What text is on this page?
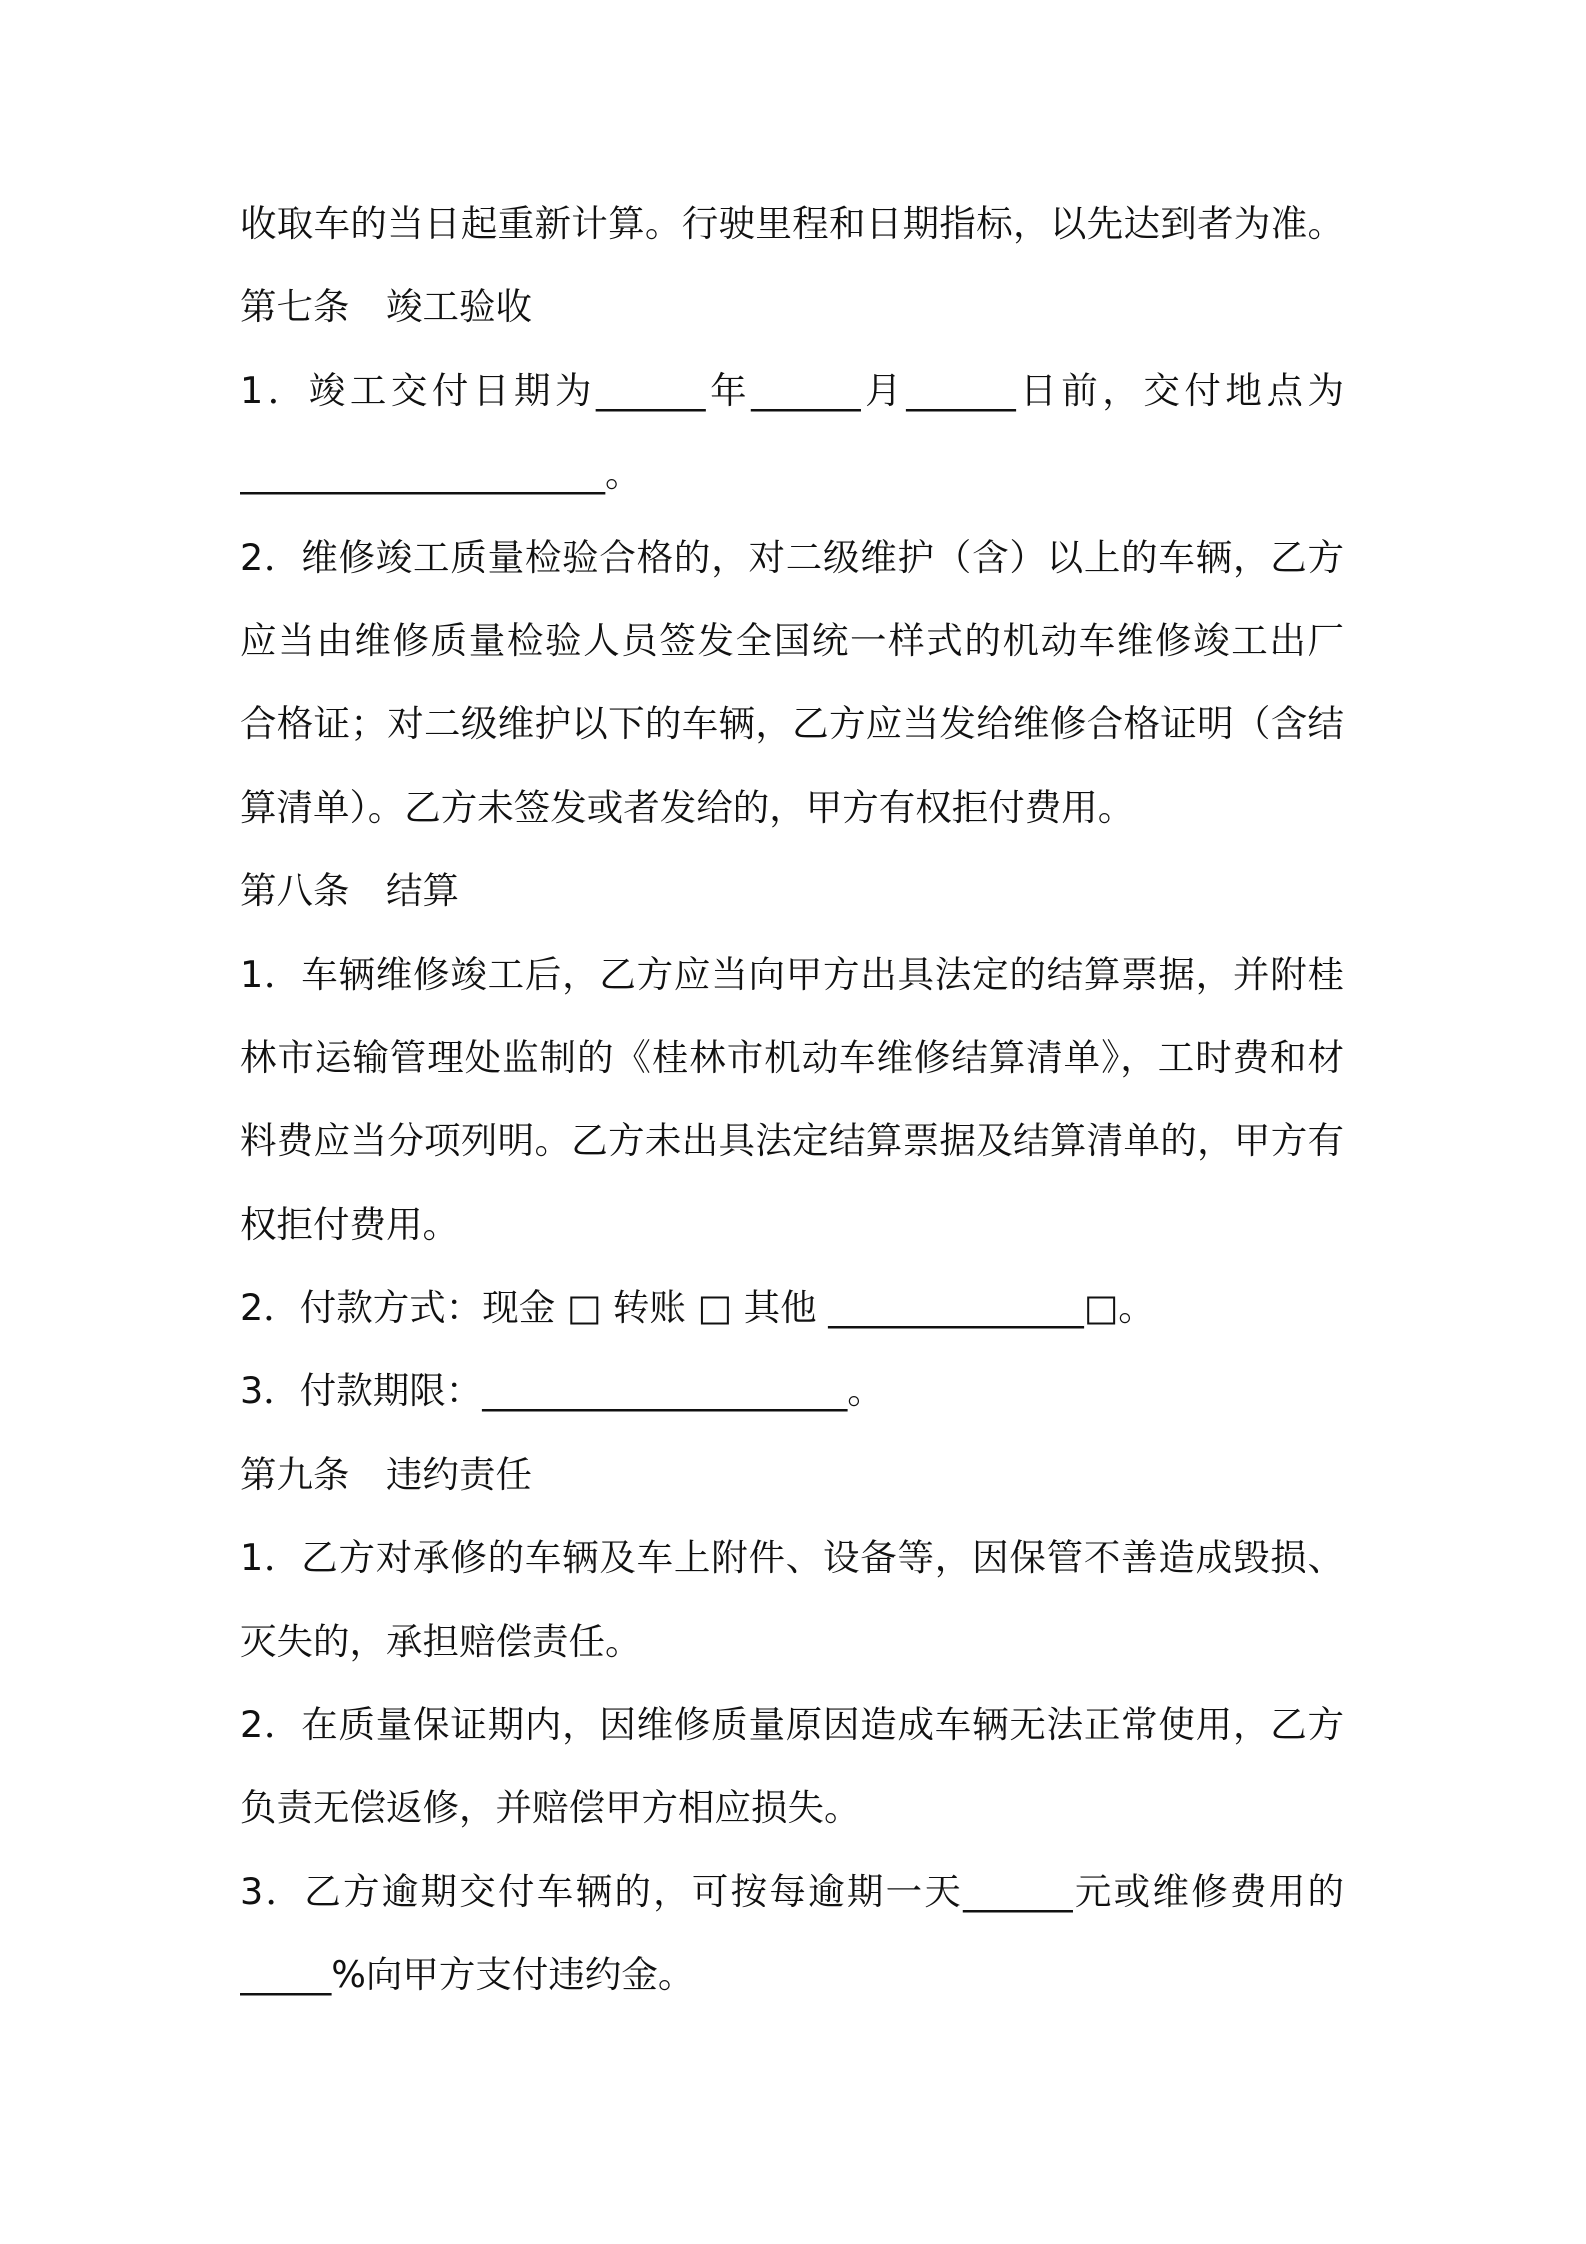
收取车的当日起重新计算。行驶里程和日期指标，以先达到者为准。
第七条　竣工验收
1．竣工交付日期为______年______月______日前，交付地点为
____________________。
2．维修竣工质量检验合格的，对二级维护（含）以上的车辆，乙方
应当由维修质量检验人员签发全国统一样式的机动车维修竣工出厂
合格证；对二级维护以下的车辆，乙方应当发给维修合格证明（含结
算清单）。乙方未签发或者发给的，甲方有权拒付费用。
第八条　结算
1．车辆维修竣工后，乙方应当向甲方出具法定的结算票据，并附桂
林市运输管理处监制的《桂林市机动车维修结算清单》，工时费和材
料费应当分项列明。乙方未出具法定结算票据及结算清单的，甲方有
权拒付费用。
2．付款方式：现金 □ 转账 □ 其他 ______________□。
3．付款期限：____________________。
第九条　违约责任
1．乙方对承修的车辆及车上附件、设备等，因保管不善造成毁损、
灭失的，承担赔偿责任。
2．在质量保证期内，因维修质量原因造成车辆无法正常使用，乙方
负责无偿返修，并赔偿甲方相应损失。
3．乙方逾期交付车辆的，可按每逾期一天______元或维修费用的
_____%向甲方支付违约金。
